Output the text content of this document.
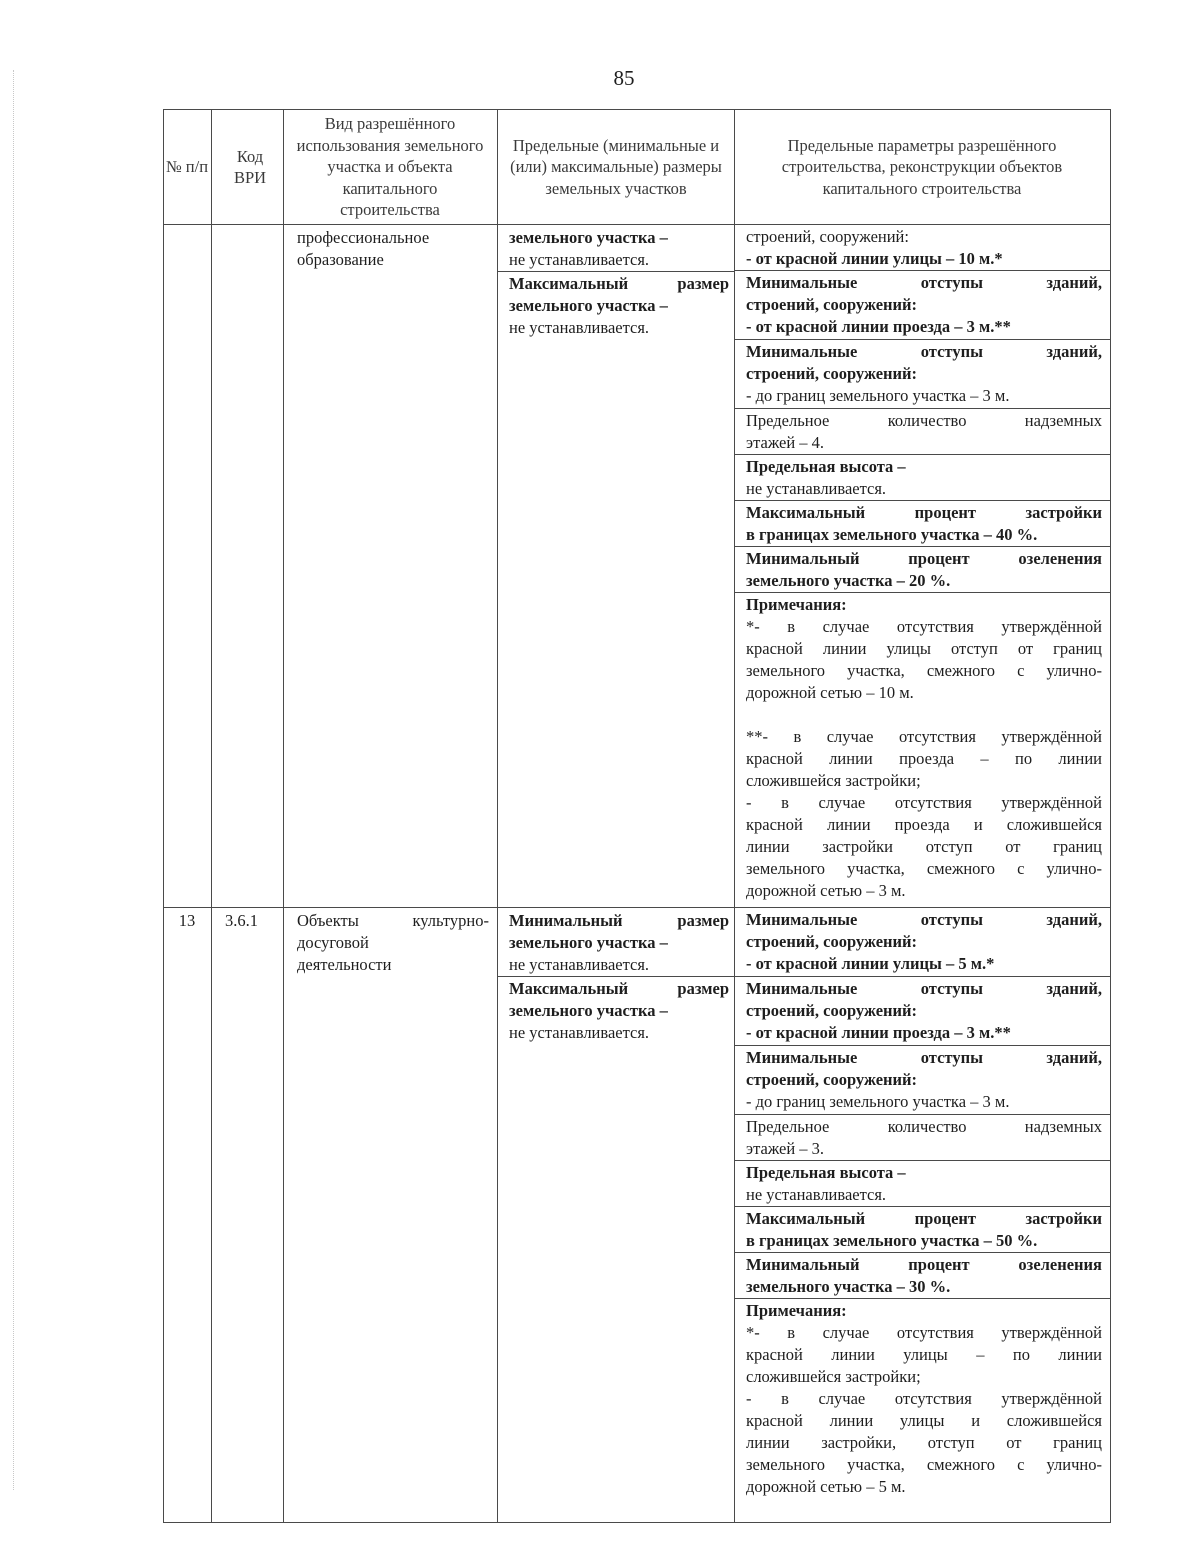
85
№ п/п
Код ВРИ
Вид разрешённого использования земельного участка и объекта капитального строительства
Предельные (минимальные и (или) максимальные) размеры земельных участков
Предельные параметры разрешённого строительства, реконструкции объектов капитального строительства
профессиональное образование
земельного участка –
не устанавливается.
Максимальный размер
земельного участка –
не устанавливается.
строений, сооружений:
- от красной линии улицы – 10 м.*
Минимальные отступы зданий,
строений, сооружений:
- от красной линии проезда – 3 м.**
Минимальные отступы зданий,
строений, сооружений:
- до границ земельного участка – 3 м.
Предельное количество надземных
этажей – 4.
Предельная высота –
не устанавливается.
Максимальный процент застройки
в границах земельного участка – 40 %.
Минимальный процент озеленения
земельного участка – 20 %.
Примечания:
*- в случае отсутствия утверждённой
красной линии улицы отступ от границ
земельного участка, смежного с улично-
дорожной сетью – 10 м.
**- в случае отсутствия утверждённой
красной линии проезда – по линии
сложившейся застройки;
- в случае отсутствия утверждённой
красной линии проезда и сложившейся
линии застройки отступ от границ
земельного участка, смежного с улично-
дорожной сетью – 3 м.
13	3.6.1	Объекты культурно-
досуговой
деятельности
Минимальный размер
земельного участка –
не устанавливается.
Максимальный размер
земельного участка –
не устанавливается.
Минимальные отступы зданий,
строений, сооружений:
- от красной линии улицы – 5 м.*
Минимальные отступы зданий,
строений, сооружений:
- от красной линии проезда – 3 м.**
Минимальные отступы зданий,
строений, сооружений:
- до границ земельного участка – 3 м.
Предельное количество надземных
этажей – 3.
Предельная высота –
не устанавливается.
Максимальный процент застройки
в границах земельного участка – 50 %.
Минимальный процент озеленения
земельного участка – 30 %.
Примечания:
*- в случае отсутствия утверждённой
красной линии улицы – по линии
сложившейся застройки;
- в случае отсутствия утверждённой
красной линии улицы и сложившейся
линии застройки, отступ от границ
земельного участка, смежного с улично-
дорожной сетью – 5 м.
